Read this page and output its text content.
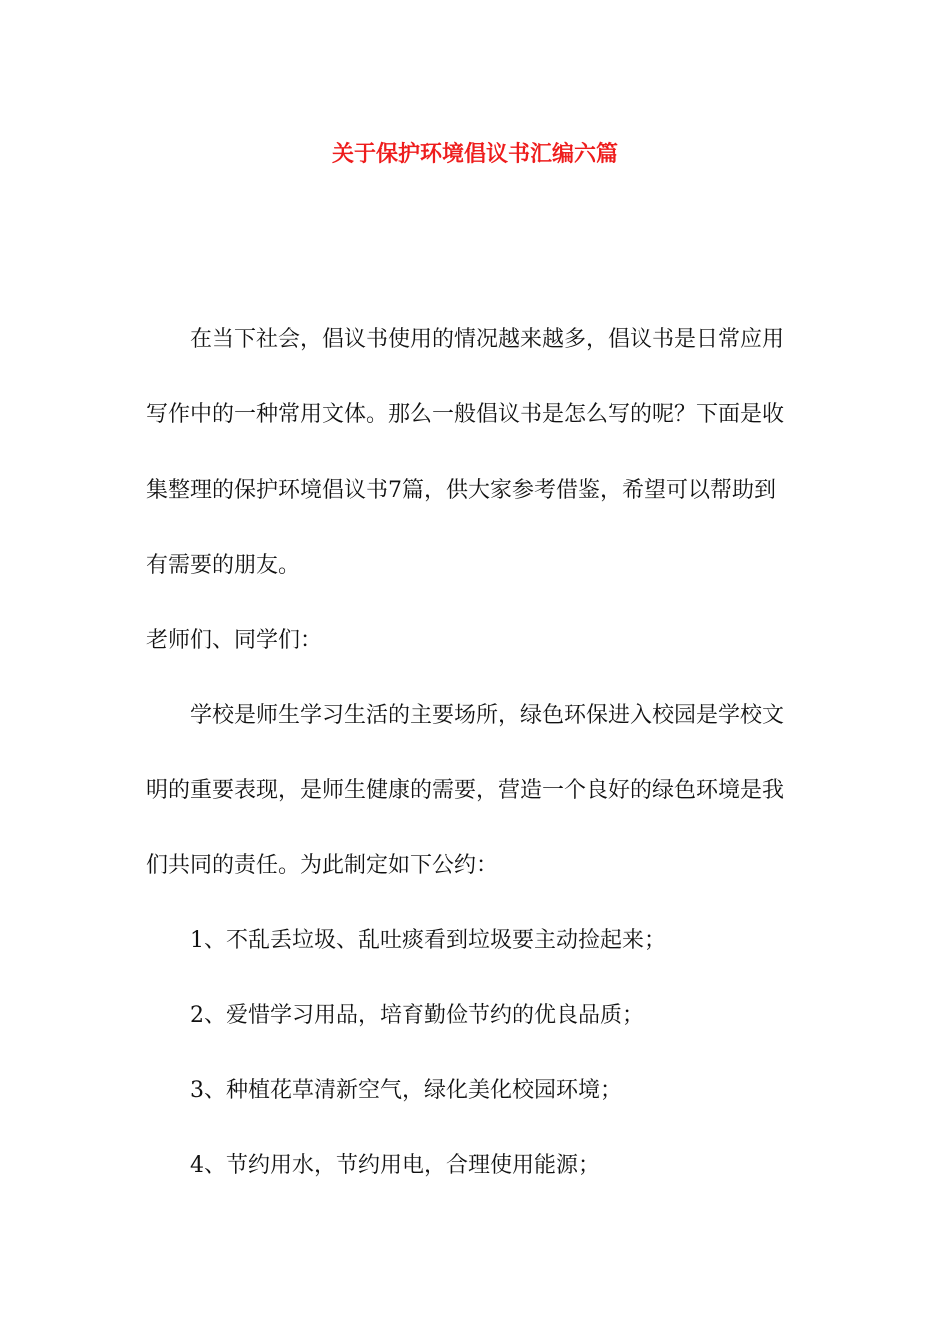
关于保护环境倡议书汇编六篇
在当下社会，倡议书使用的情况越来越多，倡议书是日常应用
写作中的一种常用文体。那么一般倡议书是怎么写的呢？下面是收
集整理的保护环境倡议书7篇，供大家参考借鉴，希望可以帮助到
有需要的朋友。
老师们、同学们：
学校是师生学习生活的主要场所，绿色环保进入校园是学校文
明的重要表现，是师生健康的需要，营造一个良好的绿色环境是我
们共同的责任。为此制定如下公约：
1、不乱丢垃圾、乱吐痰看到垃圾要主动捡起来；
2、爱惜学习用品，培育勤俭节约的优良品质；
3、种植花草清新空气，绿化美化校园环境；
4、节约用水，节约用电，合理使用能源；
